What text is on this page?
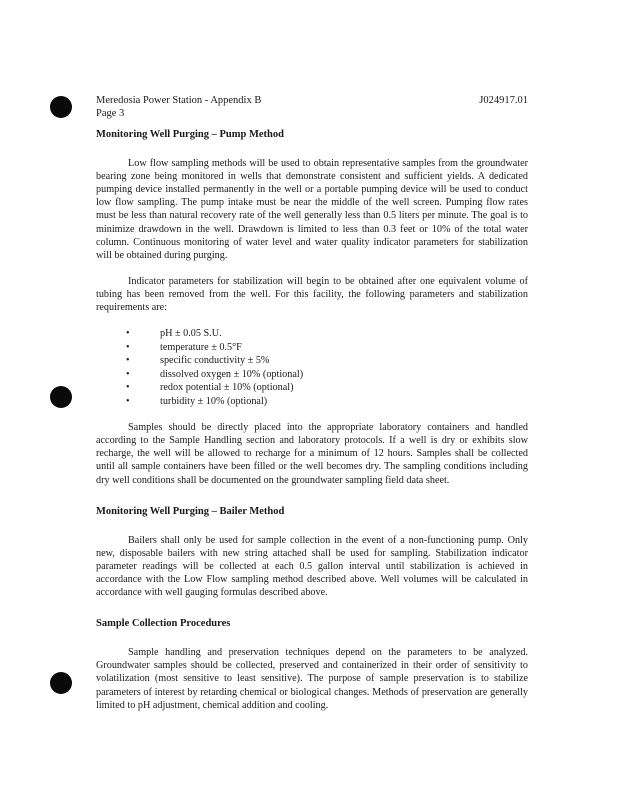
Meredosia Power Station - Appendix B
Page 3
J024917.01
Monitoring Well Purging – Pump Method

Low flow sampling methods will be used to obtain representative samples from the groundwater bearing zone being monitored in wells that demonstrate consistent and sufficient yields. A dedicated pumping device installed permanently in the well or a portable pumping device will be used to conduct low flow sampling. The pump intake must be near the middle of the well screen. Pumping flow rates must be less than natural recovery rate of the well generally less than 0.5 liters per minute. The goal is to minimize drawdown in the well. Drawdown is limited to less than 0.3 feet or 10% of the total water column. Continuous monitoring of water level and water quality indicator parameters for stabilization will be obtained during purging.

Indicator parameters for stabilization will begin to be obtained after one equivalent volume of tubing has been removed from the well. For this facility, the following parameters and stabilization requirements are:

•	pH ± 0.05 S.U.
•	temperature ± 0.5°F
•	specific conductivity ± 5%
•	dissolved oxygen ± 10% (optional)
•	redox potential ± 10% (optional)
•	turbidity ± 10% (optional)

Samples should be directly placed into the appropriate laboratory containers and handled according to the Sample Handling section and laboratory protocols. If a well is dry or exhibits slow recharge, the well will be allowed to recharge for a minimum of 12 hours. Samples shall be collected until all sample containers have been filled or the well becomes dry. The sampling conditions including dry well conditions shall be documented on the groundwater sampling field data sheet.

Monitoring Well Purging – Bailer Method

Bailers shall only be used for sample collection in the event of a non-functioning pump. Only new, disposable bailers with new string attached shall be used for sampling. Stabilization indicator parameter readings will be collected at each 0.5 gallon interval until stabilization is achieved in accordance with the Low Flow sampling method described above. Well volumes will be calculated in accordance with well gauging formulas described above.

Sample Collection Procedures

Sample handling and preservation techniques depend on the parameters to be analyzed. Groundwater samples should be collected, preserved and containerized in their order of sensitivity to volatilization (most sensitive to least sensitive). The purpose of sample preservation is to stabilize parameters of interest by retarding chemical or biological changes. Methods of preservation are generally limited to pH adjustment, chemical addition and cooling.
